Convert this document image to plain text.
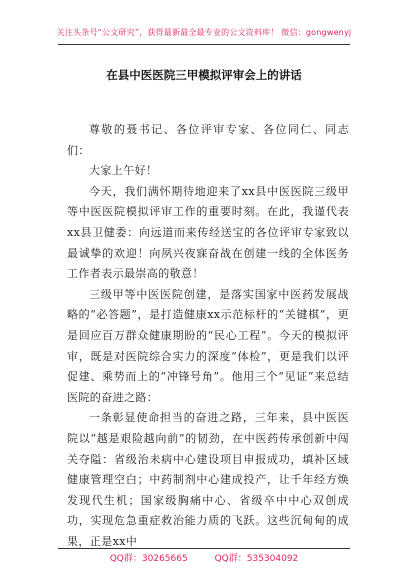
关注头条号“公文研究”，获得最新最全最专业的公文资料库！ 微信：gongwenyj
在县中医医院三甲模拟评审会上的讲话

尊敬的聂书记、各位评审专家、各位同仁、同志们：

大家上午好！

今天，我们满怀期待地迎来了xx县中医医院三级甲等中医医院模拟评审工作的重要时刻。在此，我谨代表xx县卫健委：向远道而来传经送宝的各位评审专家致以最诚挚的欢迎！向夙兴夜寐奋战在创建一线的全体医务工作者表示最崇高的敬意！

三级甲等中医医院创建，是落实国家中医药发展战略的“必答题”，是打造健康xx示范标杆的“关键棋”，更是回应百万群众健康期盼的“民心工程”。今天的模拟评审，既是对医院综合实力的深度“体检”，更是我们以评促建、乘势而上的“冲锋号角”。他用三个“见证”来总结医院的奋进之路：

一条彰显使命担当的奋进之路，三年来，县中医医院以“越是艰险越向前”的韧劲，在中医药传承创新中闯关夺隘：省级治未病中心建设项目申报成功，填补区域健康管理空白；中药制剂中心建成投产，让千年经方焕发现代生机；国家级胸痛中心、省级卒中中心双创成功，实现危急重症救治能力质的飞跃。这些沉甸甸的成果，正是xx中

QQ群：30265665	QQ群：535304092
